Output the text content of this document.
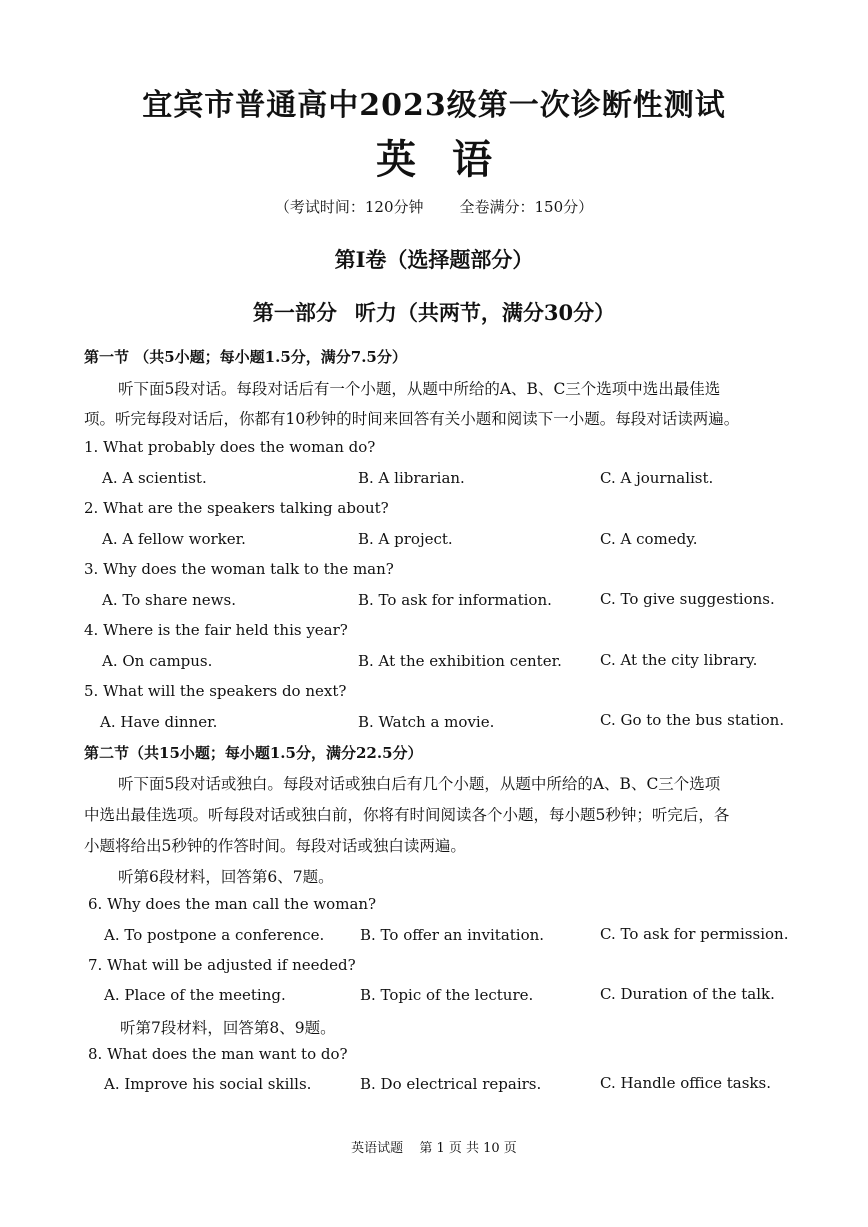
宜宾市普通高中2023级第一次诊断性测试
英语
（考试时间：120分钟 全卷满分：150分）
第Ⅰ卷（选择题部分）
第一部分 听力（共两节，满分30分）
第一节 （共5小题；每小题1.5分，满分7.5分）
听下面5段对话。每段对话后有一个小题，从题中所给的A、B、C三个选项中选出最佳选
项。听完每段对话后，你都有10秒钟的时间来回答有关小题和阅读下一小题。每段对话读两遍。
1. What probably does the woman do?
A. A scientist.	B. A librarian.	C. A journalist.
2. What are the speakers talking about?
A. A fellow worker.	B. A project.	C. A comedy.
3. Why does the woman talk to the man?
A. To share news.	B. To ask for information.	C. To give suggestions.
4. Where is the fair held this year?
A. On campus.	B. At the exhibition center.	C. At the city library.
5. What will the speakers do next?
A. Have dinner.	B. Watch a movie.	C. Go to the bus station.
第二节（共15小题；每小题1.5分，满分22.5分）
听下面5段对话或独白。每段对话或独白后有几个小题，从题中所给的A、B、C三个选项
中选出最佳选项。听每段对话或独白前，你将有时间阅读各个小题，每小题5秒钟；听完后，各
小题将给出5秒钟的作答时间。每段对话或独白读两遍。
听第6段材料，回答第6、7题。
6. Why does the man call the woman?
A. To postpone a conference. B. To offer an invitation.	C. To ask for permission.
7. What will be adjusted if needed?
A. Place of the meeting.	B. Topic of the lecture.	C. Duration of the talk.
听第7段材料，回答第8、9题。
8. What does the man want to do?
A. Improve his social skills.	B. Do electrical repairs.	C. Handle office tasks.
英语试题 第 1 页 共 10 页
